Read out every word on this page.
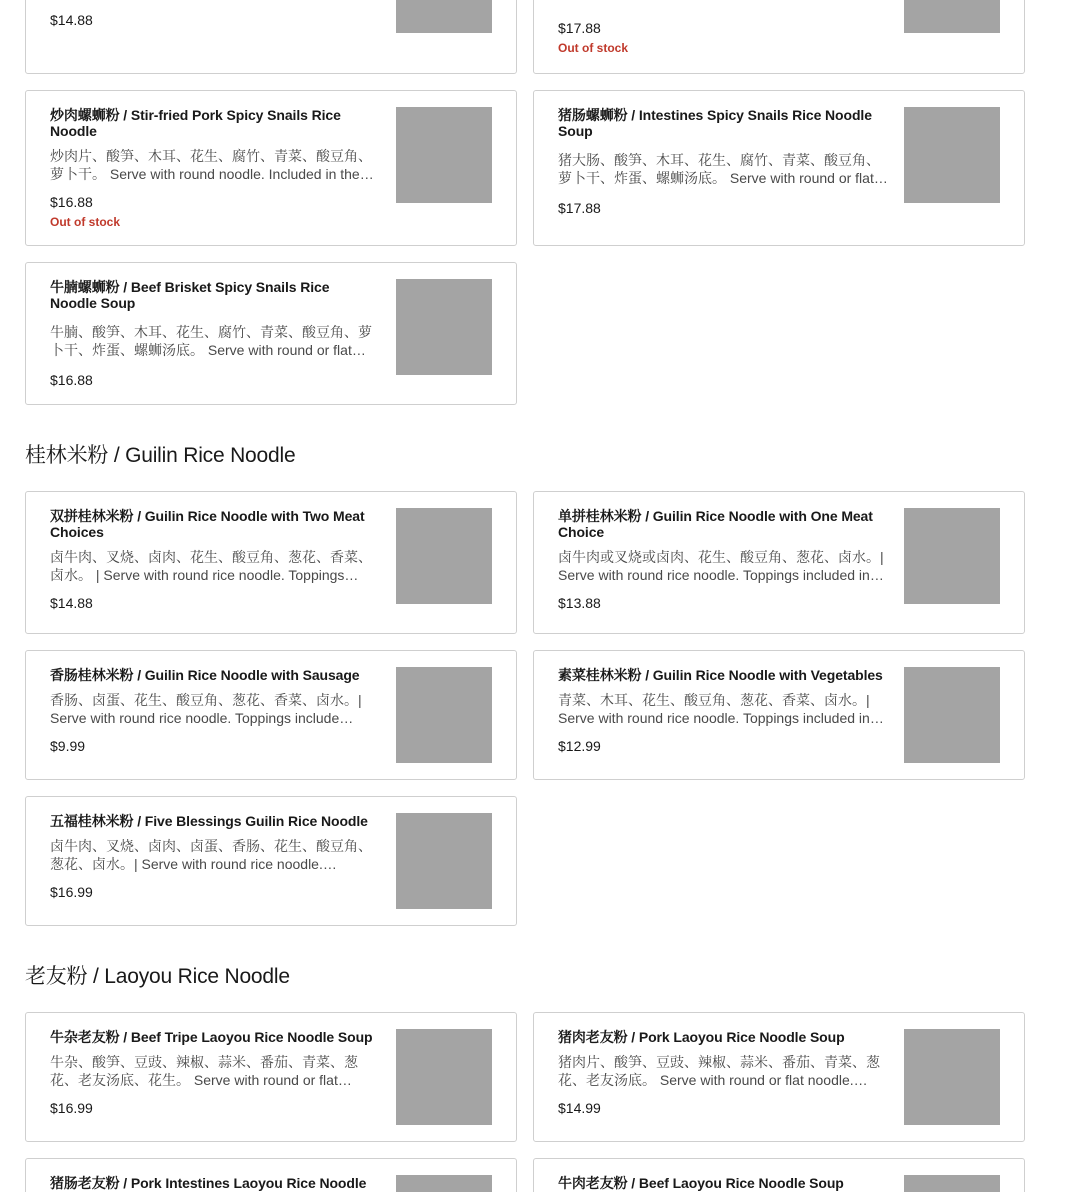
$14.88	$17.88
Out of stock
炒肉螺蛳粉 / Stir-fried Pork Spicy Snails Rice Noodle
炒肉片、酸笋、木耳、花生、腐竹、青菜、酸豆角、萝卜干。 Serve with round noodle. Included in the
$16.88
Out of stock
猪肠螺蛳粉 / Intestines Spicy Snails Rice Noodle Soup
猪大肠、酸笋、木耳、花生、腐竹、青菜、酸豆角、萝卜干、炸蛋、螺蛳汤底。 Serve with round or flat
$17.88
牛腩螺蛳粉 / Beef Brisket Spicy Snails Rice Noodle Soup
牛腩、酸笋、木耳、花生、腐竹、青菜、酸豆角、萝卜干、炸蛋、螺蛳汤底。 Serve with round or flat
$16.88
桂林米粉 / Guilin Rice Noodle
双拼桂林米粉 / Guilin Rice Noodle with Two Meat Choices
卤牛肉、叉烧、卤肉、花生、酸豆角、葱花、香菜、卤水。 | Serve with round rice noodle. Toppings
$14.88
单拼桂林米粉 / Guilin Rice Noodle with One Meat Choice
卤牛肉或叉烧或卤肉、花生、酸豆角、葱花、卤水。| Serve with round rice noodle. Toppings included in
$13.88
香肠桂林米粉 / Guilin Rice Noodle with Sausage
香肠、卤蛋、花生、酸豆角、葱花、香菜、卤水。| Serve with round rice noodle. Toppings include
$9.99
素菜桂林米粉 / Guilin Rice Noodle with Vegetables
青菜、木耳、花生、酸豆角、葱花、香菜、卤水。| Serve with round rice noodle. Toppings included in
$12.99
五福桂林米粉 / Five Blessings Guilin Rice Noodle
卤牛肉、叉烧、卤肉、卤蛋、香肠、花生、酸豆角、葱花、卤水。| Serve with round rice noodle.
$16.99
老友粉 / Laoyou Rice Noodle
牛杂老友粉 / Beef Tripe Laoyou Rice Noodle Soup
牛杂、酸笋、豆豉、辣椒、蒜米、番茄、青菜、葱花、老友汤底、花生。 Serve with round or flat
$16.99
猪肉老友粉 / Pork Laoyou Rice Noodle Soup
猪肉片、酸笋、豆豉、辣椒、蒜米、番茄、青菜、葱花、老友汤底。 Serve with round or flat noodle.
$14.99
猪肠老友粉 / Pork Intestines Laoyou Rice Noodle	牛肉老友粉 / Beef Laoyou Rice Noodle Soup
